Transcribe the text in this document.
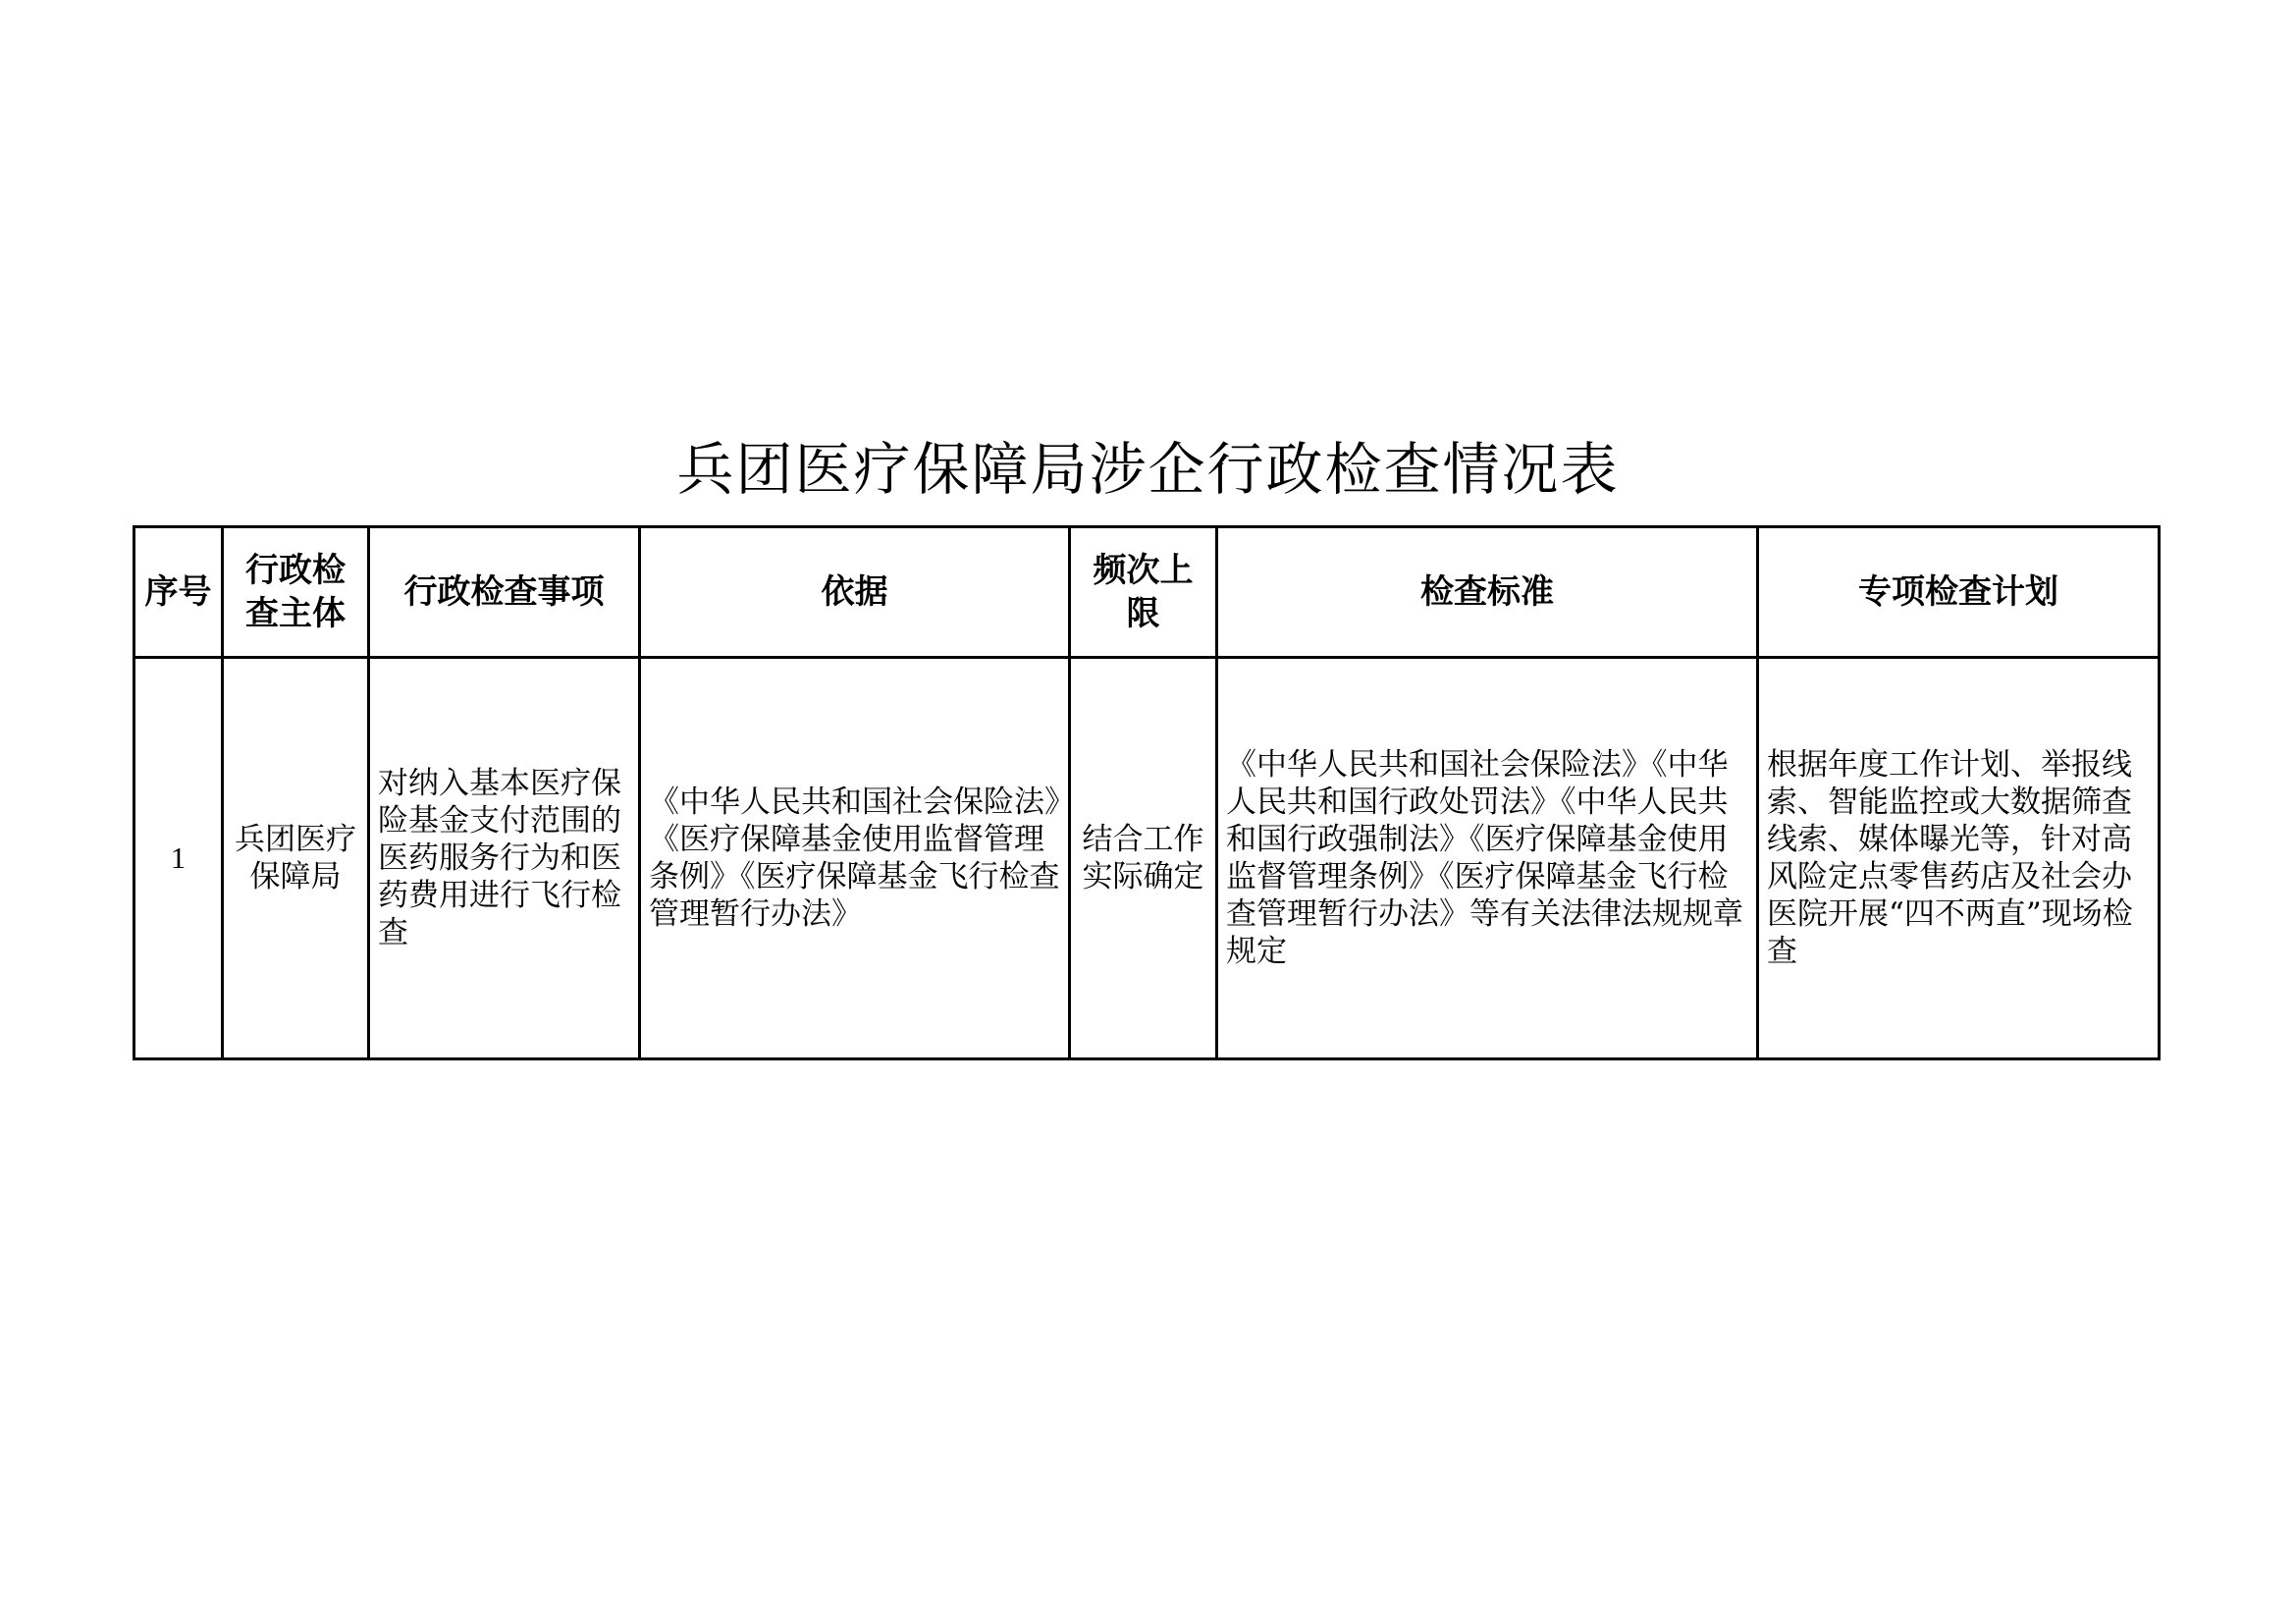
兵团医疗保障局涉企行政检查情况表
序号	行政检查主体	行政检查事项	依据	频次上限	检查标准	专项检查计划
1	兵团医疗保障局	对纳入基本医疗保险基金支付范围的医药服务行为和医药费用进行飞行检查	《中华人民共和国社会保险法》《医疗保障基金使用监督管理条例》《医疗保障基金飞行检查管理暂行办法》	结合工作实际确定	《中华人民共和国社会保险法》《中华人民共和国行政处罚法》《中华人民共和国行政强制法》《医疗保障基金使用监督管理条例》《医疗保障基金飞行检查管理暂行办法》等有关法律法规规章规定	根据年度工作计划、举报线索、智能监控或大数据筛查线索、媒体曝光等，针对高风险定点零售药店及社会办医院开展“四不两直”现场检查
